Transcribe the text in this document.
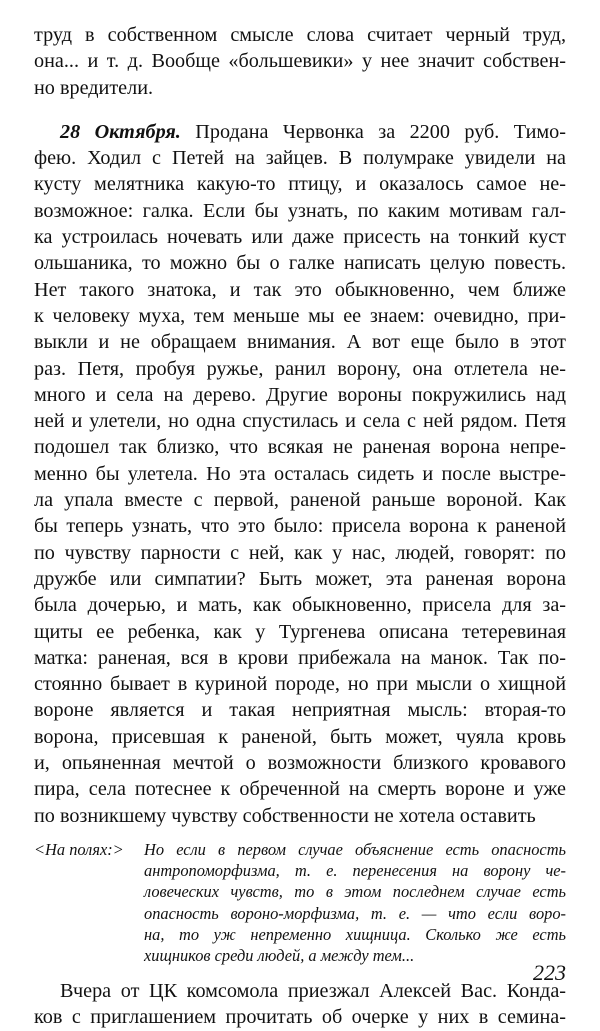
труд в собственном смысле слова считает черный труд,
она... и т. д. Вообще «большевики» у нее значит собствен-
но вредители.

28 Октября. Продана Червонка за 2200 руб. Тимо-
фею. Ходил с Петей на зайцев. В полумраке увидели на
кусту мелятника какую-то птицу, и оказалось самое не-
возможное: галка. Если бы узнать, по каким мотивам гал-
ка устроилась ночевать или даже присесть на тонкий куст
ольшаника, то можно бы о галке написать целую повесть.
Нет такого знатока, и так это обыкновенно, чем ближе
к человеку муха, тем меньше мы ее знаем: очевидно, при-
выкли и не обращаем внимания. А вот еще было в этот
раз. Петя, пробуя ружье, ранил ворону, она отлетела не-
много и села на дерево. Другие вороны покружились над
ней и улетели, но одна спустилась и села с ней рядом. Петя
подошел так близко, что всякая не раненая ворона непре-
менно бы улетела. Но эта осталась сидеть и после выстре-
ла упала вместе с первой, раненой раньше вороной. Как
бы теперь узнать, что это было: присела ворона к раненой
по чувству парности с ней, как у нас, людей, говорят: по
дружбе или симпатии? Быть может, эта раненая ворона
была дочерью, и мать, как обыкновенно, присела для за-
щиты ее ребенка, как у Тургенева описана тетеревиная
матка: раненая, вся в крови прибежала на манок. Так по-
стоянно бывает в куриной породе, но при мысли о хищной
вороне является и такая неприятная мысль: вторая-то
ворона, присевшая к раненой, быть может, чуяла кровь
и, опьяненная мечтой о возможности близкого кровавого
пира, села потеснее к обреченной на смерть вороне и уже
по возникшему чувству собственности не хотела оставить

<На полях:> Но если в первом случае объяснение есть опасность
антропоморфизма, т. е. перенесения на ворону че-
ловеческих чувств, то в этом последнем случае есть
опасность вороно-морфизма, т. е. — что если воро-
на, то уж непременно хищница. Сколько же есть
хищников среди людей, а между тем...

Вчера от ЦК комсомола приезжал Алексей Вас. Конда-
ков с приглашением прочитать об очерке у них в семина-

223
